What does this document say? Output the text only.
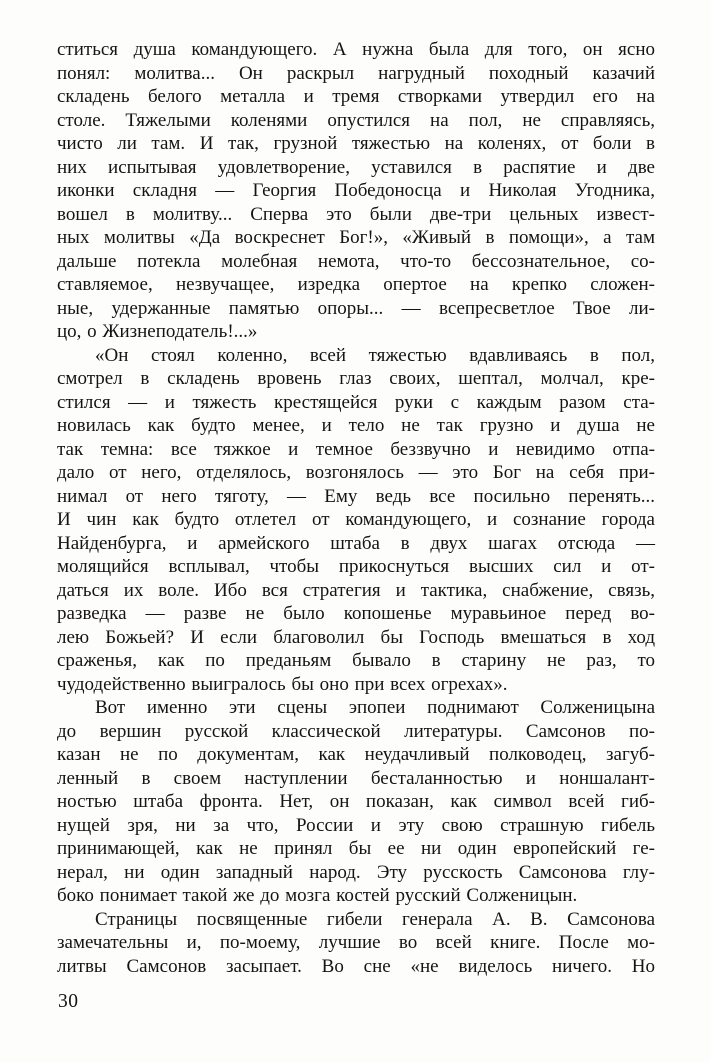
ститься душа командующего. А нужна была для того, он ясно
понял: молитва... Он раскрыл нагрудный походный казачий
складень белого металла и тремя створками утвердил его на
столе. Тяжелыми коленями опустился на пол, не справляясь,
чисто ли там. И так, грузной тяжестью на коленях, от боли в
них испытывая удовлетворение, уставился в распятие и две
иконки складня — Георгия Победоносца и Николая Угодника,
вошел в молитву... Сперва это были две-три цельных извест-
ных молитвы «Да воскреснет Бог!», «Живый в помощи», а там
дальше потекла молебная немота, что-то бессознательное, со-
ставляемое, незвучащее, изредка опертое на крепко сложен-
ные, удержанные памятью опоры... — всепресветлое Твое ли-
цо, о Жизнеподатель!...»
«Он стоял коленно, всей тяжестью вдавливаясь в пол,
смотрел в складень вровень глаз своих, шептал, молчал, кре-
стился — и тяжесть крестящейся руки с каждым разом ста-
новилась как будто менее, и тело не так грузно и душа не
так темна: все тяжкое и темное беззвучно и невидимо отпа-
дало от него, отделялось, возгонялось — это Бог на себя при-
нимал от него тяготу, — Ему ведь все посильно перенять...
И чин как будто отлетел от командующего, и сознание города
Найденбурга, и армейского штаба в двух шагах отсюда —
молящийся всплывал, чтобы прикоснуться высших сил и от-
даться их воле. Ибо вся стратегия и тактика, снабжение, связь,
разведка — разве не было копошенье муравьиное перед во-
лею Божьей? И если благоволил бы Господь вмешаться в ход
сраженья, как по преданьям бывало в старину не раз, то
чудодейственно выигралось бы оно при всех огрехах».
Вот именно эти сцены эпопеи поднимают Солженицына
до вершин русской классической литературы. Самсонов по-
казан не по документам, как неудачливый полководец, загуб-
ленный в своем наступлении бесталанностью и ноншалант-
ностью штаба фронта. Нет, он показан, как символ всей гиб-
нущей зря, ни за что, России и эту свою страшную гибель
принимающей, как не принял бы ее ни один европейский ге-
нерал, ни один западный народ. Эту русскость Самсонова глу-
боко понимает такой же до мозга костей русский Солженицын.
Страницы посвященные гибели генерала А. В. Самсонова
замечательны и, по-моему, лучшие во всей книге. После мо-
литвы Самсонов засыпает. Во сне «не виделось ничего. Но
30
